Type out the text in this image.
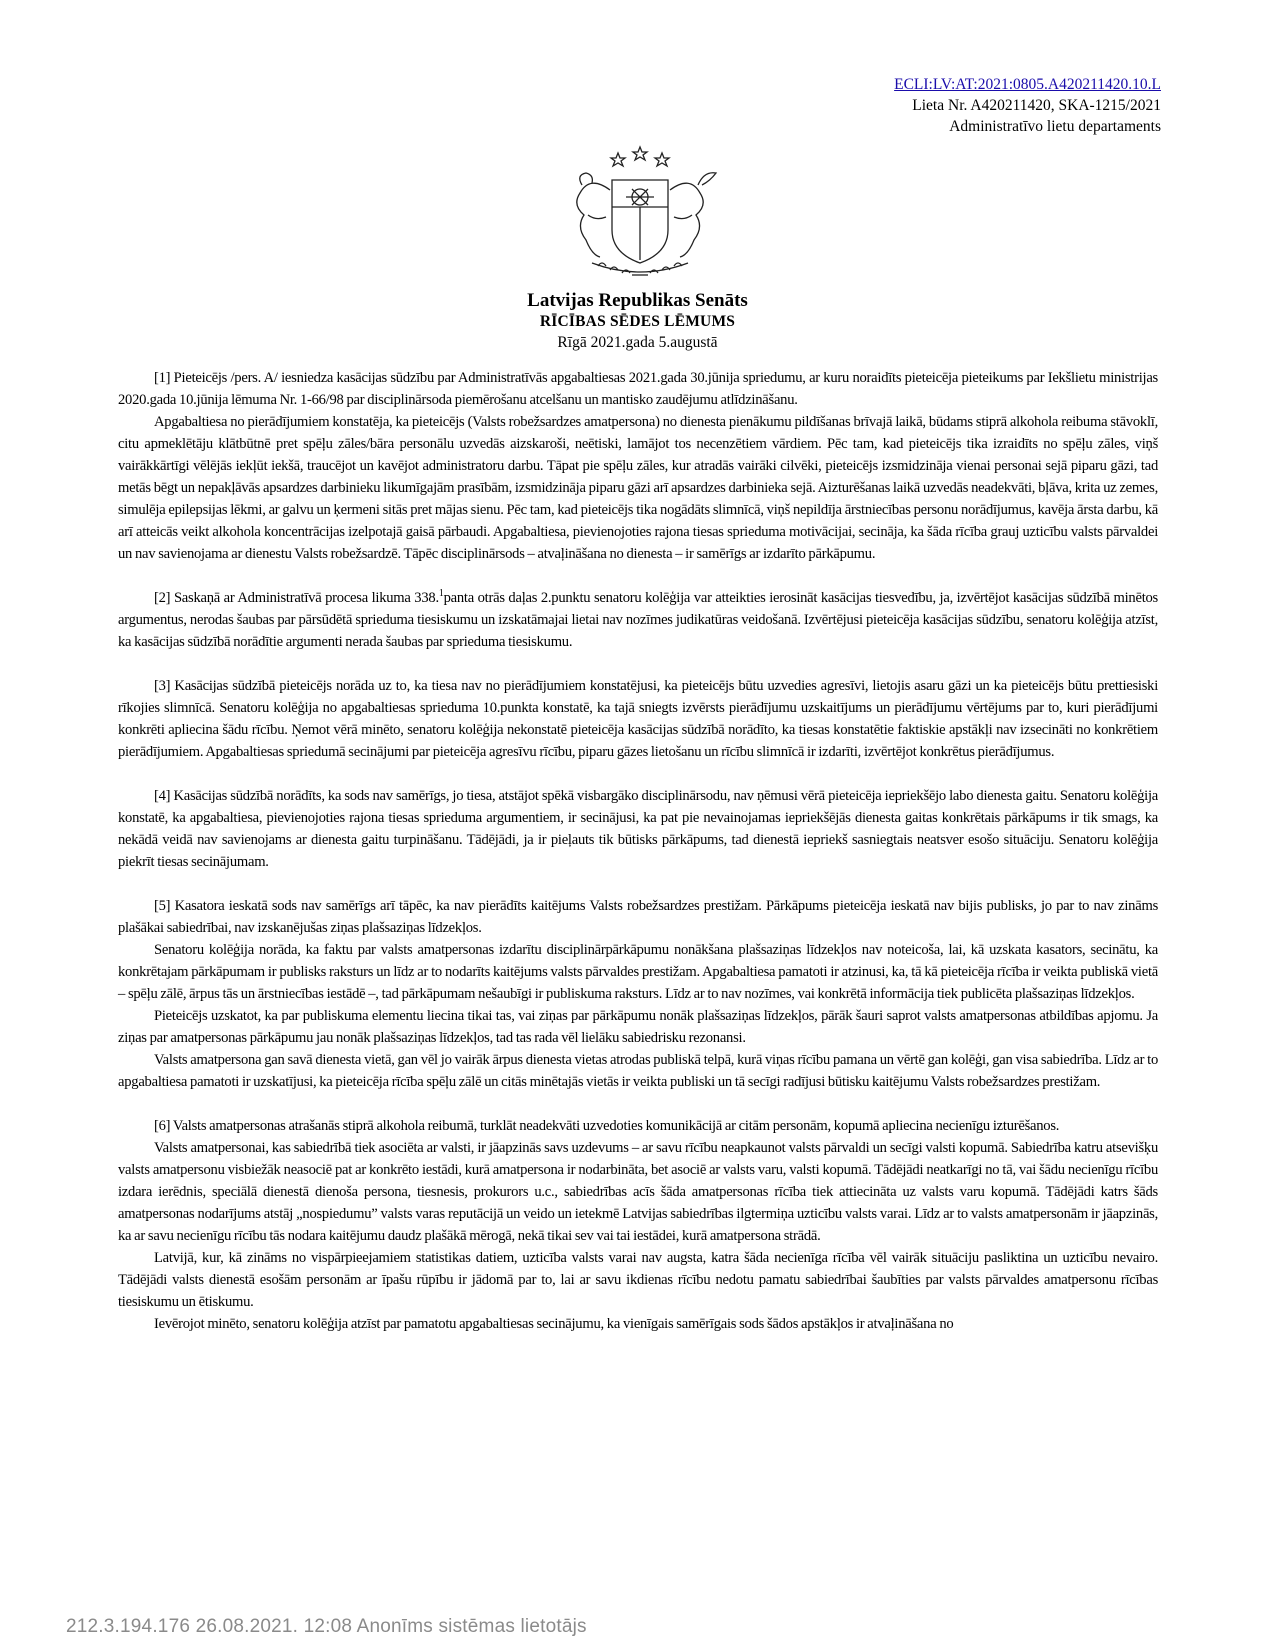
ECLI:LV:AT:2021:0805.A420211420.10.L
Lieta Nr. A420211420, SKA-1215/2021
Administratīvo lietu departaments
Latvijas Republikas Senāts
RĪCĪBAS SĒDES LĒMUMS
Rīgā 2021.gada 5.augustā

[1] Pieteicējs /pers. A/ iesniedza kasācijas sūdzību par Administratīvās apgabaltiesas 2021.gada 30.jūnija spriedumu, ar kuru noraidīts pieteicēja pieteikums par Iekšlietu ministrijas 2020.gada 10.jūnija lēmuma Nr. 1-66/98 par disciplinārsoda piemērošanu atcelšanu un mantisko zaudējumu atlīdzināšanu.

Apgabaltiesa no pierādījumiem konstatēja, ka pieteicējs (Valsts robežsardzes amatpersona) no dienesta pienākumu pildīšanas brīvajā laikā, būdams stiprā alkohola reibuma stāvoklī, citu apmeklētāju klātbūtnē pret spēļu zāles/bāra personālu uzvedās aizskaroši, neētiski, lamājot tos necenzētiem vārdiem. Pēc tam, kad pieteicējs tika izraidīts no spēļu zāles, viņš vairākkārtīgi vēlējās iekļūt iekšā, traucējot un kavējot administratoru darbu. Tāpat pie spēļu zāles, kur atradās vairāki cilvēki, pieteicējs izsmidzināja vienai personai sejā piparu gāzi, tad metās bēgt un nepakļāvās apsardzes darbinieku likumīgajām prasībām, izsmidzināja piparu gāzi arī apsardzes darbinieka sejā. Aizturēšanas laikā uzvedās neadekvāti, bļāva, krita uz zemes, simulēja epilepsijas lēkmi, ar galvu un ķermeni sitās pret mājas sienu. Pēc tam, kad pieteicējs tika nogādāts slimnīcā, viņš nepildīja ārstniecības personu norādījumus, kavēja ārsta darbu, kā arī atteicās veikt alkohola koncentrācijas izelpotajā gaisā pārbaudi. Apgabaltiesa, pievienojoties rajona tiesas sprieduma motivācijai, secināja, ka šāda rīcība grauj uzticību valsts pārvaldei un nav savienojama ar dienestu Valsts robežsardzē. Tāpēc disciplinārsods – atvaļināšana no dienesta – ir samērīgs ar izdarīto pārkāpumu.

[2] Saskaņā ar Administratīvā procesa likuma 338.$^1$panta otrās daļas 2.punktu senatoru kolēģija var atteikties ierosināt kasācijas tiesvedību, ja, izvērtējot kasācijas sūdzībā minētos argumentus, nerodas šaubas par pārsūdētā sprieduma tiesiskumu un izskatāmajai lietai nav nozīmes judikatūras veidošanā. Izvērtējusi pieteicēja kasācijas sūdzību, senatoru kolēģija atzīst, ka kasācijas sūdzībā norādītie argumenti nerada šaubas par sprieduma tiesiskumu.

[3] Kasācijas sūdzībā pieteicējs norāda uz to, ka tiesa nav no pierādījumiem konstatējusi, ka pieteicējs būtu uzvedies agresīvi, lietojis asaru gāzi un ka pieteicējs būtu prettiesiski rīkojies slimnīcā. Senatoru kolēģija no apgabaltiesas sprieduma 10.punkta konstatē, ka tajā sniegts izvērsts pierādījumu uzskaitījums un pierādījumu vērtējums par to, kuri pierādījumi konkrēti apliecina šādu rīcību. Ņemot vērā minēto, senatoru kolēģija nekonstatē pieteicēja kasācijas sūdzībā norādīto, ka tiesas konstatētie faktiskie apstākļi nav izsecināti no konkrētiem pierādījumiem. Apgabaltiesas spriedumā secinājumi par pieteicēja agresīvu rīcību, piparu gāzes lietošanu un rīcību slimnīcā ir izdarīti, izvērtējot konkrētus pierādījumus.

[4] Kasācijas sūdzībā norādīts, ka sods nav samērīgs, jo tiesa, atstājot spēkā visbargāko disciplinārsodu, nav ņēmusi vērā pieteicēja iepriekšējo labo dienesta gaitu. Senatoru kolēģija konstatē, ka apgabaltiesa, pievienojoties rajona tiesas sprieduma argumentiem, ir secinājusi, ka pat pie nevainojamas iepriekšējās dienesta gaitas konkrētais pārkāpums ir tik smags, ka nekādā veidā nav savienojams ar dienesta gaitu turpināšanu. Tādējādi, ja ir pieļauts tik būtisks pārkāpums, tad dienestā iepriekš sasniegtais neatsver esošo situāciju. Senatoru kolēģija piekrīt tiesas secinājumam.

[5] Kasatora ieskatā sods nav samērīgs arī tāpēc, ka nav pierādīts kaitējums Valsts robežsardzes prestižam. Pārkāpums pieteicēja ieskatā nav bijis publisks, jo par to nav zināms plašākai sabiedrībai, nav izskanējušas ziņas plašsaziņas līdzekļos.

Senatoru kolēģija norāda, ka faktu par valsts amatpersonas izdarītu disciplinārpārkāpumu nonākšana plašsaziņas līdzekļos nav noteicoša, lai, kā uzskata kasators, secinātu, ka konkrētajam pārkāpumam ir publisks raksturs un līdz ar to nodarīts kaitējums valsts pārvaldes prestižam. Apgabaltiesa pamatoti ir atzinusi, ka, tā kā pieteicēja rīcība ir veikta publiskā vietā – spēļu zālē, ārpus tās un ārstniecības iestādē –, tad pārkāpumam nešaubīgi ir publiskuma raksturs. Līdz ar to nav nozīmes, vai konkrētā informācija tiek publicēta plašsaziņas līdzekļos.

Pieteicējs uzskatot, ka par publiskuma elementu liecina tikai tas, vai ziņas par pārkāpumu nonāk plašsaziņas līdzekļos, pārāk šauri saprot valsts amatpersonas atbildības apjomu. Ja ziņas par amatpersonas pārkāpumu jau nonāk plašsaziņas līdzekļos, tad tas rada vēl lielāku sabiedrisku rezonansi.

Valsts amatpersona gan savā dienesta vietā, gan vēl jo vairāk ārpus dienesta vietas atrodas publiskā telpā, kurā viņas rīcību pamana un vērtē gan kolēģi, gan visa sabiedrība. Līdz ar to apgabaltiesa pamatoti ir uzskatījusi, ka pieteicēja rīcība spēļu zālē un citās minētajās vietās ir veikta publiski un tā secīgi radījusi būtisku kaitējumu Valsts robežsardzes prestižam.

[6] Valsts amatpersonas atrašanās stiprā alkohola reibumā, turklāt neadekvāti uzvedoties komunikācijā ar citām personām, kopumā apliecina necienīgu izturēšanos.

Valsts amatpersonai, kas sabiedrībā tiek asociēta ar valsti, ir jāapzinās savs uzdevums – ar savu rīcību neapkaunot valsts pārvaldi un secīgi valsti kopumā. Sabiedrība katru atsevišķu valsts amatpersonu visbiežāk neasociē pat ar konkrēto iestādi, kurā amatpersona ir nodarbināta, bet asociē ar valsts varu, valsti kopumā. Tādējādi neatkarīgi no tā, vai šādu necienīgu rīcību izdara ierēdnis, speciālā dienestā dienoša persona, tiesnesis, prokurors u.c., sabiedrības acīs šāda amatpersonas rīcība tiek attiecināta uz valsts varu kopumā. Tādējādi katrs šāds amatpersonas nodarījums atstāj „nospiedumu” valsts varas reputācijā un veido un ietekmē Latvijas sabiedrības ilgtermiņa uzticību valsts varai. Līdz ar to valsts amatpersonām ir jāapzinās, ka ar savu necienīgu rīcību tās nodara kaitējumu daudz plašākā mērogā, nekā tikai sev vai tai iestādei, kurā amatpersona strādā.

Latvijā, kur, kā zināms no vispārpieejamiem statistikas datiem, uzticība valsts varai nav augsta, katra šāda necienīga rīcība vēl vairāk situāciju pasliktina un uzticību nevairo. Tādējādi valsts dienestā esošām personām ar īpašu rūpību ir jādomā par to, lai ar savu ikdienas rīcību nedotu pamatu sabiedrībai šaubīties par valsts pārvaldes amatpersonu rīcības tiesiskumu un ētiskumu.

Ievērojot minēto, senatoru kolēģija atzīst par pamatotu apgabaltiesas secinājumu, ka vienīgais samērīgais sods šādos apstākļos ir atvaļināšana no

212.3.194.176 26.08.2021. 12:08 Anonīms sistēmas lietotājs
